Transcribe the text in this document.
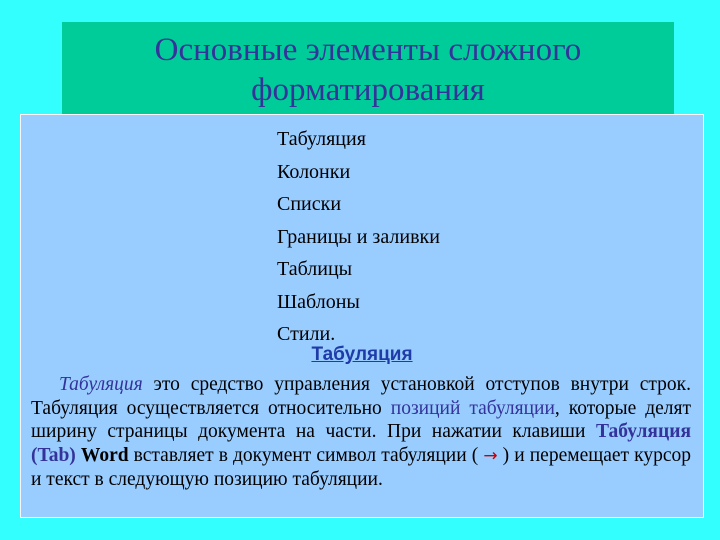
Основные элементы сложного
форматирования
Табуляция
Колонки
Списки
Границы и заливки
Таблицы
Шаблоны
Стили.
Табуляция

Табуляция это средство управления установкой отступов внутри строк. Табуляция осуществляется относительно позиций табуляции, которые делят ширину страницы документа на части. При нажатии клавиши Табуляция (Tab) Word вставляет в документ символ табуляции ( → ) и перемещает курсор и текст в следующую позицию табуляции.
